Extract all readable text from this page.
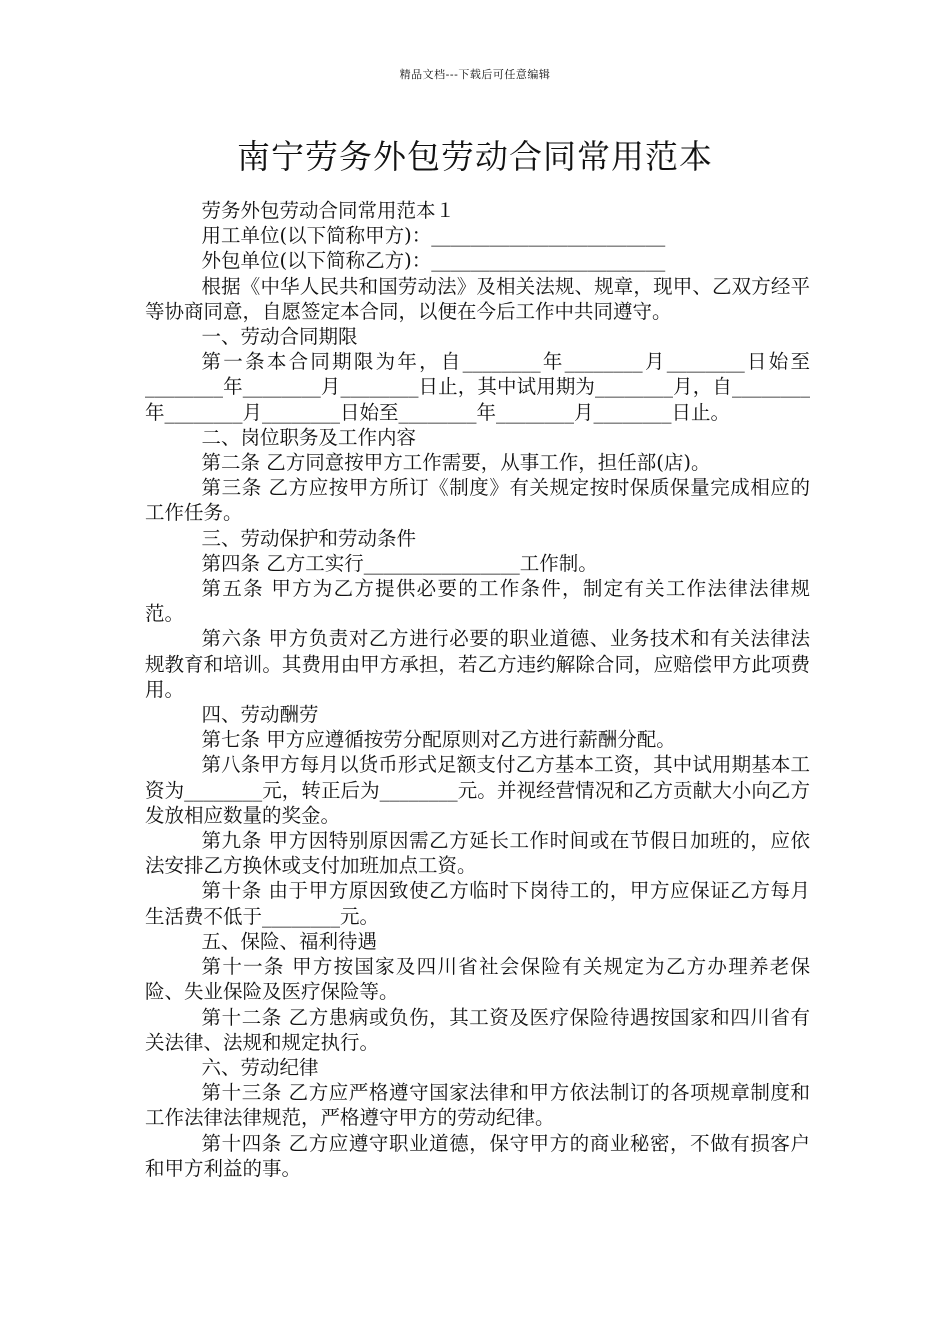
精品文档---下载后可任意编辑
南宁劳务外包劳动合同常用范本

劳务外包劳动合同常用范本１

用工单位(以下简称甲方)：________________________

外包单位(以下简称乙方)：________________________

根据《中华人民共和国劳动法》及相关法规、规章，现甲、乙双方经平等协商同意，自愿签定本合同，以便在今后工作中共同遵守。

一、劳动合同期限

第一条本合同期限为年，自________年________月________日始至________年________月________日止，其中试用期为________月，自________年________月________日始至________年________月________日止。

二、岗位职务及工作内容

第二条 乙方同意按甲方工作需要，从事工作，担任部(店)。

第三条 乙方应按甲方所订《制度》有关规定按时保质保量完成相应的工作任务。

三、劳动保护和劳动条件

第四条 乙方工实行________________工作制。

第五条 甲方为乙方提供必要的工作条件，制定有关工作法律法律规范。

第六条 甲方负责对乙方进行必要的职业道德、业务技术和有关法律法规教育和培训。其费用由甲方承担，若乙方违约解除合同，应赔偿甲方此项费用。

四、劳动酬劳

第七条 甲方应遵循按劳分配原则对乙方进行薪酬分配。

第八条甲方每月以货币形式足额支付乙方基本工资，其中试用期基本工资为________元，转正后为________元。并视经营情况和乙方贡献大小向乙方发放相应数量的奖金。

第九条 甲方因特别原因需乙方延长工作时间或在节假日加班的，应依法安排乙方换休或支付加班加点工资。

第十条 由于甲方原因致使乙方临时下岗待工的，甲方应保证乙方每月生活费不低于________元。

五、保险、福利待遇

第十一条 甲方按国家及四川省社会保险有关规定为乙方办理养老保险、失业保险及医疗保险等。

第十二条 乙方患病或负伤，其工资及医疗保险待遇按国家和四川省有关法律、法规和规定执行。

六、劳动纪律

第十三条 乙方应严格遵守国家法律和甲方依法制订的各项规章制度和工作法律法律规范，严格遵守甲方的劳动纪律。

第十四条 乙方应遵守职业道德，保守甲方的商业秘密，不做有损客户和甲方利益的事。
